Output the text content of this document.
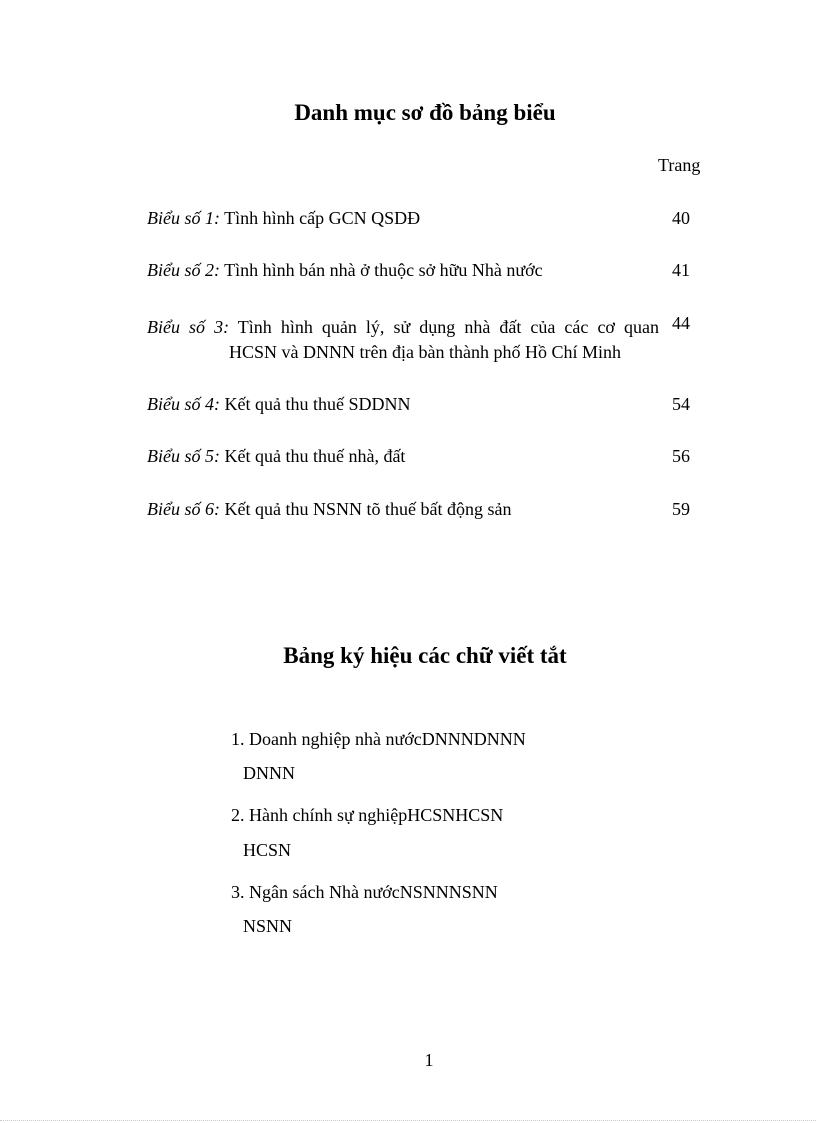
Danh mục sơ đồ bảng biểu
Trang
Biểu số 1: Tình hình cấp GCN QSDĐ	40
Biểu số 2: Tình hình bán nhà ở thuộc sở hữu Nhà nước	41
Biểu số 3: Tình hình quản lý, sử dụng nhà đất của các cơ quan
HCSN và DNNN trên địa bàn thành phố Hồ Chí Minh
44
Biểu số 4: Kết quả thu thuế SDDNN	54
Biểu số 5: Kết quả thu thuế nhà, đất	56
Biểu số 6: Kết quả thu NSNN tõ thuế bất động sản	59
Bảng ký hiệu các chữ viết tắt
1. Doanh nghiệp nhà nướcDNNNDNNN
DNNN
2. Hành chính sự nghiệpHCSNHCSN
HCSN
3. Ngân sách Nhà nướcNSNNNSNN
NSNN
1
